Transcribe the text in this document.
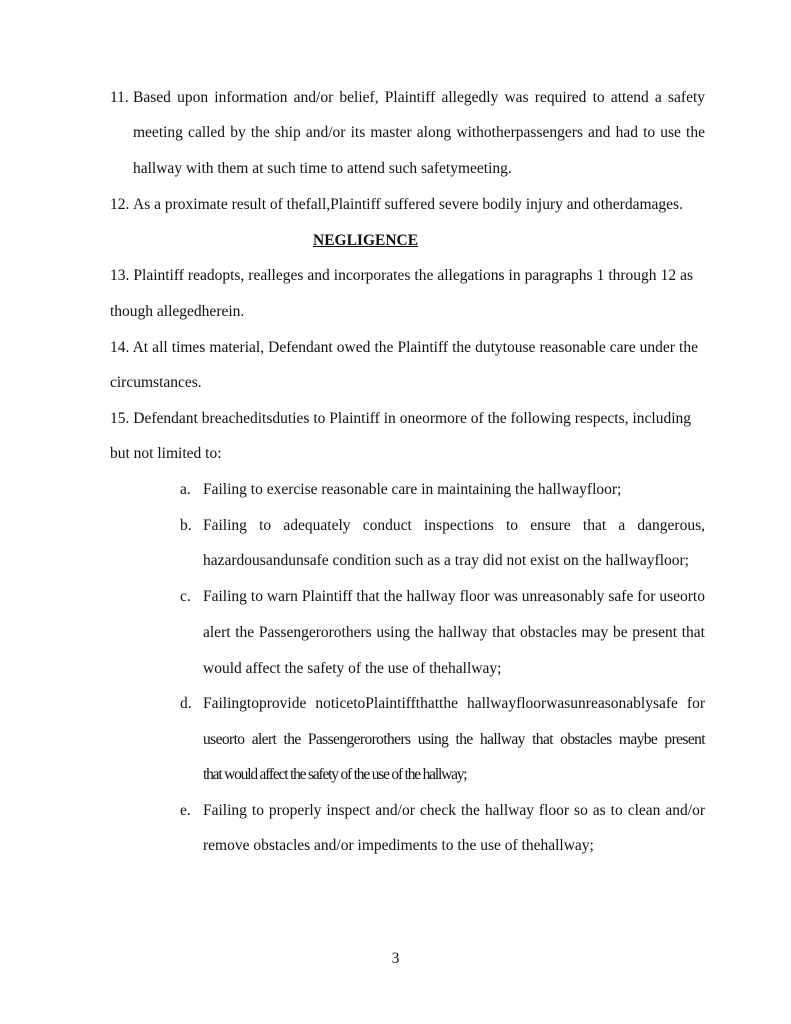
11. Based upon information and/or belief, Plaintiff allegedly was required to attend a safety
meeting called by the ship and/or its master along withotherpassengers and had to use the
hallway with them at such time to attend such safetymeeting.
12. As a proximate result of thefall,Plaintiff suffered severe bodily injury and otherdamages.
NEGLIGENCE
13. Plaintiff readopts, realleges and incorporates the allegations in paragraphs 1 through 12 as
though allegedherein.
14. At all times material, Defendant owed the Plaintiff the dutytouse reasonable care under the
circumstances.
15. Defendant breacheditsduties to Plaintiff in oneormore of the following respects, including
but not limited to:
a. Failing to exercise reasonable care in maintaining the hallwayfloor;
b. Failing to adequately conduct inspections to ensure that a dangerous,
hazardousandunsafe condition such as a tray did not exist on the hallwayfloor;
c. Failing to warn Plaintiff that the hallway floor was unreasonably safe for useorto
alert the Passengerorothers using the hallway that obstacles may be present that
would affect the safety of the use of thehallway;
d. Failingtoprovide noticetoPlaintiffthatthe hallwayfloorwasunreasonablysafe for
useorto alert the Passengerorothers using the hallway that obstacles maybe present
that would affect the safety of the use of the hallway;
e. Failing to properly inspect and/or check the hallway floor so as to clean and/or
remove obstacles and/or impediments to the use of thehallway;
3
